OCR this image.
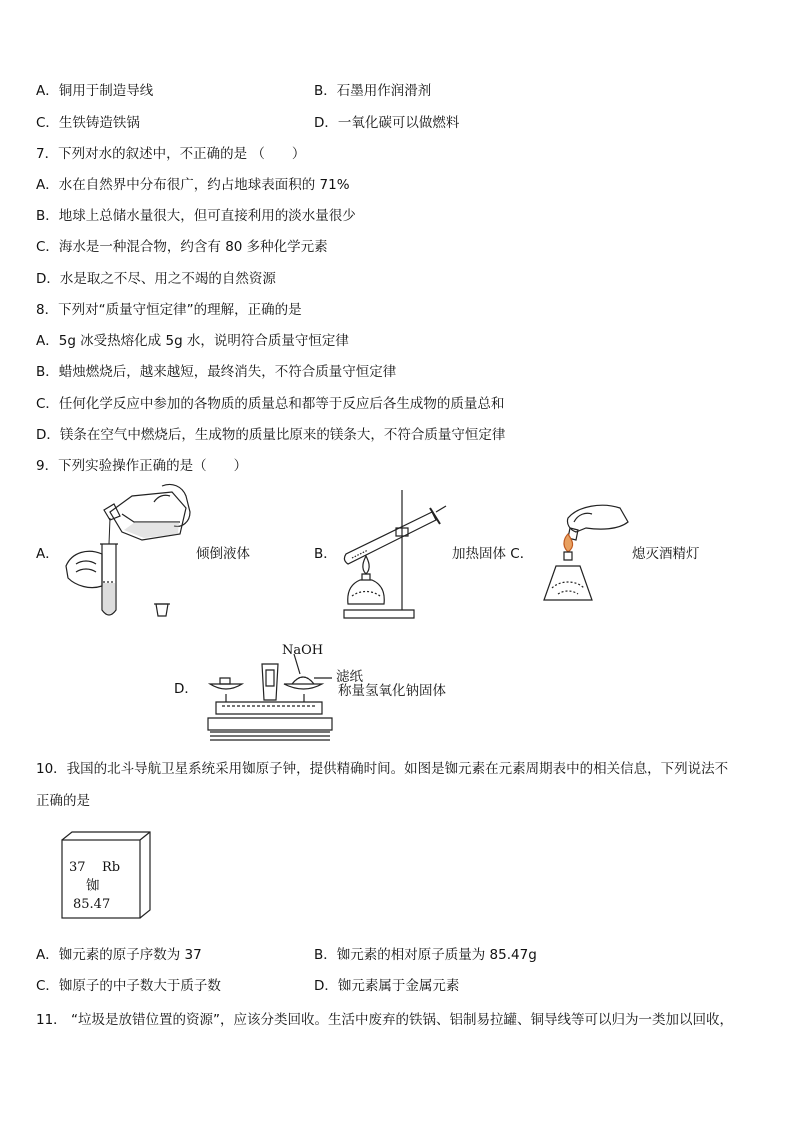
A．铜用于制造导线	B．石墨用作润滑剂
C．生铁铸造铁锅	D．一氧化碳可以做燃料
7．下列对水的叙述中，不正确的是 （　　）
A．水在自然界中分布很广，约占地球表面积的 71%
B．地球上总储水量很大，但可直接利用的淡水量很少
C．海水是一种混合物，约含有 80 多种化学元素
D．水是取之不尽、用之不竭的自然资源
8．下列对“质量守恒定律”的理解，正确的是
A．5g 冰受热熔化成 5g 水，说明符合质量守恒定律
B．蜡烛燃烧后，越来越短，最终消失，不符合质量守恒定律
C．任何化学反应中参加的各物质的质量总和都等于反应后各生成物的质量总和
D．镁条在空气中燃烧后，生成物的质量比原来的镁条大，不符合质量守恒定律
9．下列实验操作正确的是（　　）
A．	倾倒液体	B．	加热固体 C．	熄灭酒精灯
D．
NaOH
滤纸
称量氢氧化钠固体
10．我国的北斗导航卫星系统采用铷原子钟，提供精确时间。如图是铷元素在元素周期表中的相关信息，下列说法不
正确的是
37 Rb
铷
85.47
A．铷元素的原子序数为 37	B．铷元素的相对原子质量为 85.47g
C．铷原子的中子数大于质子数	D．铷元素属于金属元素
11． “垃圾是放错位置的资源”，应该分类回收。生活中废弃的铁锅、铝制易拉罐、铜导线等可以归为一类加以回收，
